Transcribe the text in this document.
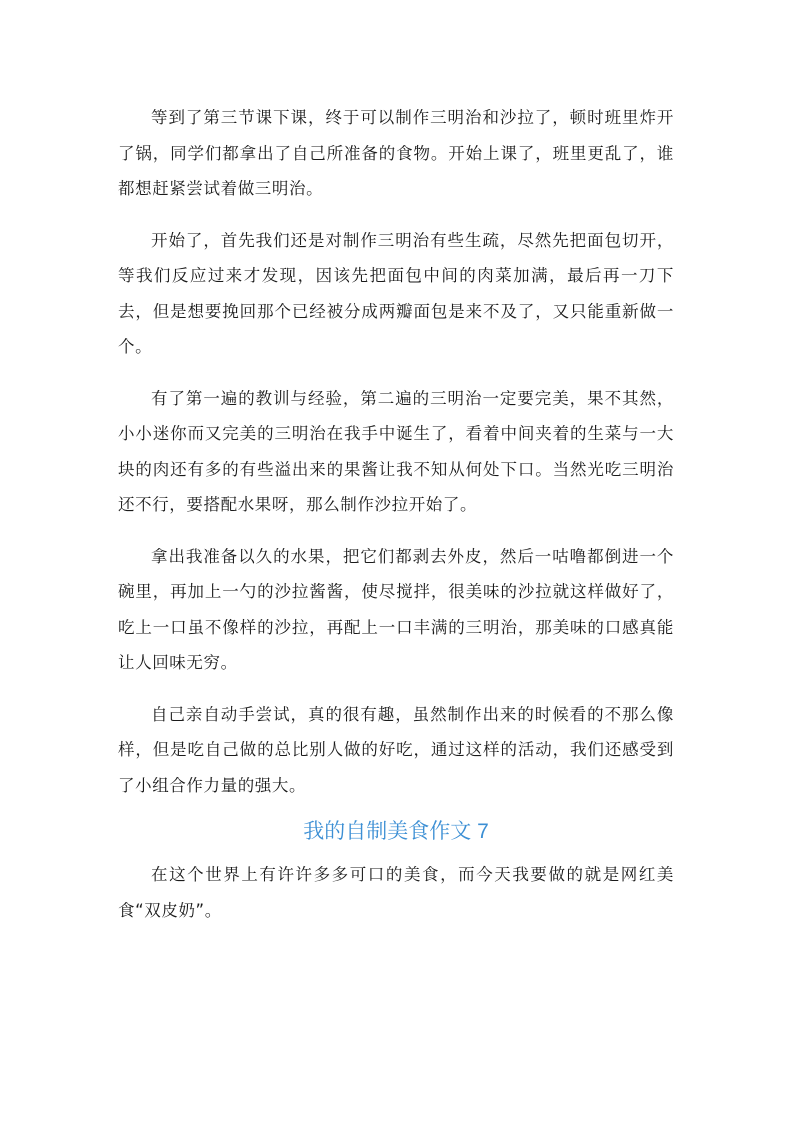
等到了第三节课下课，终于可以制作三明治和沙拉了，顿时班里炸开了锅，同学们都拿出了自己所准备的食物。开始上课了，班里更乱了，谁都想赶紧尝试着做三明治。

开始了，首先我们还是对制作三明治有些生疏，尽然先把面包切开，等我们反应过来才发现，因该先把面包中间的肉菜加满，最后再一刀下去，但是想要挽回那个已经被分成两瓣面包是来不及了，又只能重新做一个。

有了第一遍的教训与经验，第二遍的三明治一定要完美，果不其然，小小迷你而又完美的三明治在我手中诞生了，看着中间夹着的生菜与一大块的肉还有多的有些溢出来的果酱让我不知从何处下口。当然光吃三明治还不行，要搭配水果呀，那么制作沙拉开始了。

拿出我准备以久的水果，把它们都剥去外皮，然后一咕噜都倒进一个碗里，再加上一勺的沙拉酱酱，使尽搅拌，很美味的沙拉就这样做好了，吃上一口虽不像样的沙拉，再配上一口丰满的三明治，那美味的口感真能让人回味无穷。

自己亲自动手尝试，真的很有趣，虽然制作出来的时候看的不那么像样，但是吃自己做的总比别人做的好吃，通过这样的活动，我们还感受到了小组合作力量的强大。

我的自制美食作文 7

在这个世界上有许许多多可口的美食，而今天我要做的就是网红美食“双皮奶”。
